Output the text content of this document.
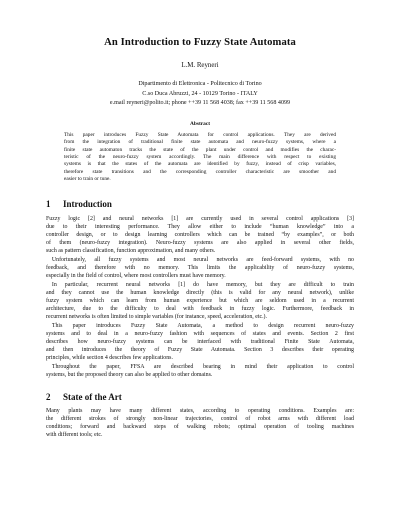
An Introduction to Fuzzy State Automata
L.M. Reyneri
Dipartimento di Elettronica - Politecnico di Torino
C.so Duca Abruzzi, 24 - 10129 Torino - ITALY
e.mail reyneri@polito.it; phone ++39 11 568 4038; fax ++39 11 568 4099
Abstract
This paper introduces Fuzzy State Automata for control applications. They are derived
from the integration of traditional finite state automata and neuro-fuzzy systems, where a
finite state automaton tracks the state of the plant under control and modifies the charac-
teristic of the neuro-fuzzy system accordingly. The main difference with respect to existing
systems is that the states of the automata are identified by fuzzy, instead of crisp variables,
therefore state transitions and the corresponding controller characteristic are smoother and
easier to train or tune.
1 Introduction
Fuzzy logic [2] and neural networks [1] are currently used in several control applications [3]
due to their interesting performance. They allow either to include “human knowledge” into a
controller design, or to design learning controllers which can be trained “by examples”, or both
of them (neuro-fuzzy integration). Neuro-fuzzy systems are also applied in several other fields,
such as pattern classification, function approximation, and many others.
 Unfortunately, all fuzzy systems and most neural networks are feed-forward systems, with no
feedback, and therefore with no memory. This limits the applicability of neuro-fuzzy systems,
especially in the field of control, where most controllers must have memory.
 In particular, recurrent neural networks [1] do have memory, but they are difficult to train
and they cannot use the human knowledge directly (this is valid for any neural network), unlike
fuzzy system which can learn from human experience but which are seldom used in a recurrent
architecture, due to the difficulty to deal with feedback in fuzzy logic. Furthermore, feedback in
recurrent networks is often limited to simple variables (for instance, speed, acceleration, etc.).
 This paper introduces Fuzzy State Automata, a method to design recurrent neuro-fuzzy
systems and to deal in a neuro-fuzzy fashion with sequences of states and events. Section 2 first
describes how neuro-fuzzy systems can be interfaced with traditional Finite State Automata,
and then introduces the theory of Fuzzy State Automata. Section 3 describes their operating
principles, while section 4 describes few applications.
 Throughout the paper, FFSA are described bearing in mind their application to control
systems, but the proposed theory can also be applied to other domains.
2 State of the Art
Many plants may have many different states, according to operating conditions. Examples are:
the different strokes of strongly non-linear trajectories, control of robot arms with different load
conditions; forward and backward steps of walking robots; optimal operation of tooling machines
with different tools; etc.
